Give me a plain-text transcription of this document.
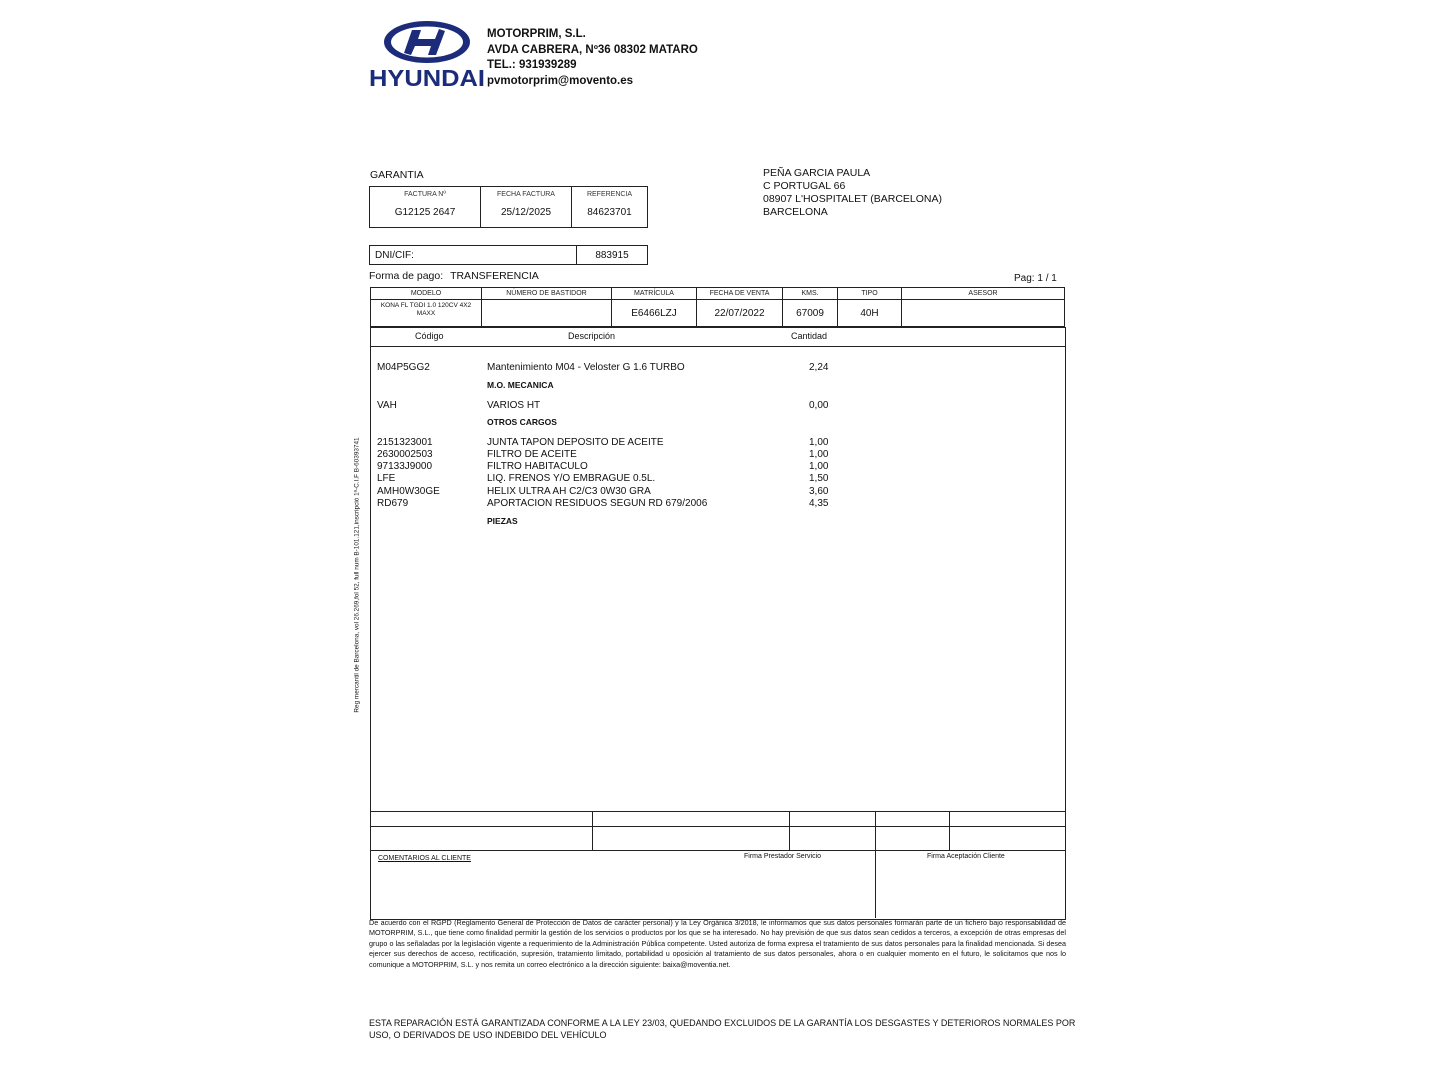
HYUNDAI
MOTORPRIM, S.L.
AVDA CABRERA, Nº36 08302 MATARO
TEL.: 931939289
pvmotorprim@movento.es
GARANTIA
FACTURA Nº
G12125 2647

FECHA FACTURA
25/12/2025

REFERENCIA
84623701
PEÑA GARCIA PAULA
C PORTUGAL 66
08907 L'HOSPITALET (BARCELONA)
BARCELONA
DNI/CIF:	883915
Forma de pago: TRANSFERENCIA	Pag: 1 / 1
MODELO	NÚMERO DE BASTIDOR	MATRÍCULA	FECHA DE VENTA	KMS.	TIPO	ASESOR
KONA FL TGDI 1.0 120CV 4X2 MAXX		E6466LZJ	22/07/2022	67009	40H	
Código	Descripción	Cantidad
M04P5GG2	Mantenimiento M04 - Veloster G 1.6 TURBO	2,24
M.O. MECANICA
VAH	VARIOS HT	0,00
OTROS CARGOS
2151323001	JUNTA TAPON DEPOSITO DE ACEITE	1,00
2630002503	FILTRO DE ACEITE	1,00
97133J9000	FILTRO HABITACULO	1,00
LFE	LIQ. FRENOS Y/O EMBRAGUE 0.5L.	1,50
AMH0W30GE	HELIX ULTRA AH C2/C3 0W30 GRA	3,60
RD679	APORTACION RESIDUOS SEGUN RD 679/2006	4,35
PIEZAS
COMENTARIOS AL CLIENTE	Firma Prestador Servicio	Firma Aceptación Cliente
De acuerdo con el RGPD (Reglamento General de Protección de Datos de carácter personal) y la Ley Orgánica 3/2018, le informamos que sus datos personales formarán parte de un fichero bajo responsabilidad de MOTORPRIM, S.L., que tiene como finalidad permitir la gestión de los servicios o productos por los que se ha interesado. No hay previsión de que sus datos sean cedidos a terceros, a excepción de otras empresas del grupo o las señaladas por la legislación vigente a requerimiento de la Administración Pública competente. Usted autoriza de forma expresa el tratamiento de sus datos personales para la finalidad mencionada. Si desea ejercer sus derechos de acceso, rectificación, supresión, tratamiento limitado, portabilidad u oposición al tratamiento de sus datos personales, ahora o en cualquier momento en el futuro, le solicitamos que nos lo comunique a MOTORPRIM, S.L. y nos remita un correo electrónico a la dirección siguiente: baixa@moventia.net.
ESTA REPARACIÓN ESTÁ GARANTIZADA CONFORME A LA LEY 23/03, QUEDANDO EXCLUIDOS DE LA GARANTÍA LOS DESGASTES Y DETERIOROS NORMALES POR USO, O DERIVADOS DE USO INDEBIDO DEL VEHÍCULO
Reg mercantil de Barcelona, vol 26.269,fol 52, full num B-101.121,inscripció 1ª-C.I.F B-60393741
